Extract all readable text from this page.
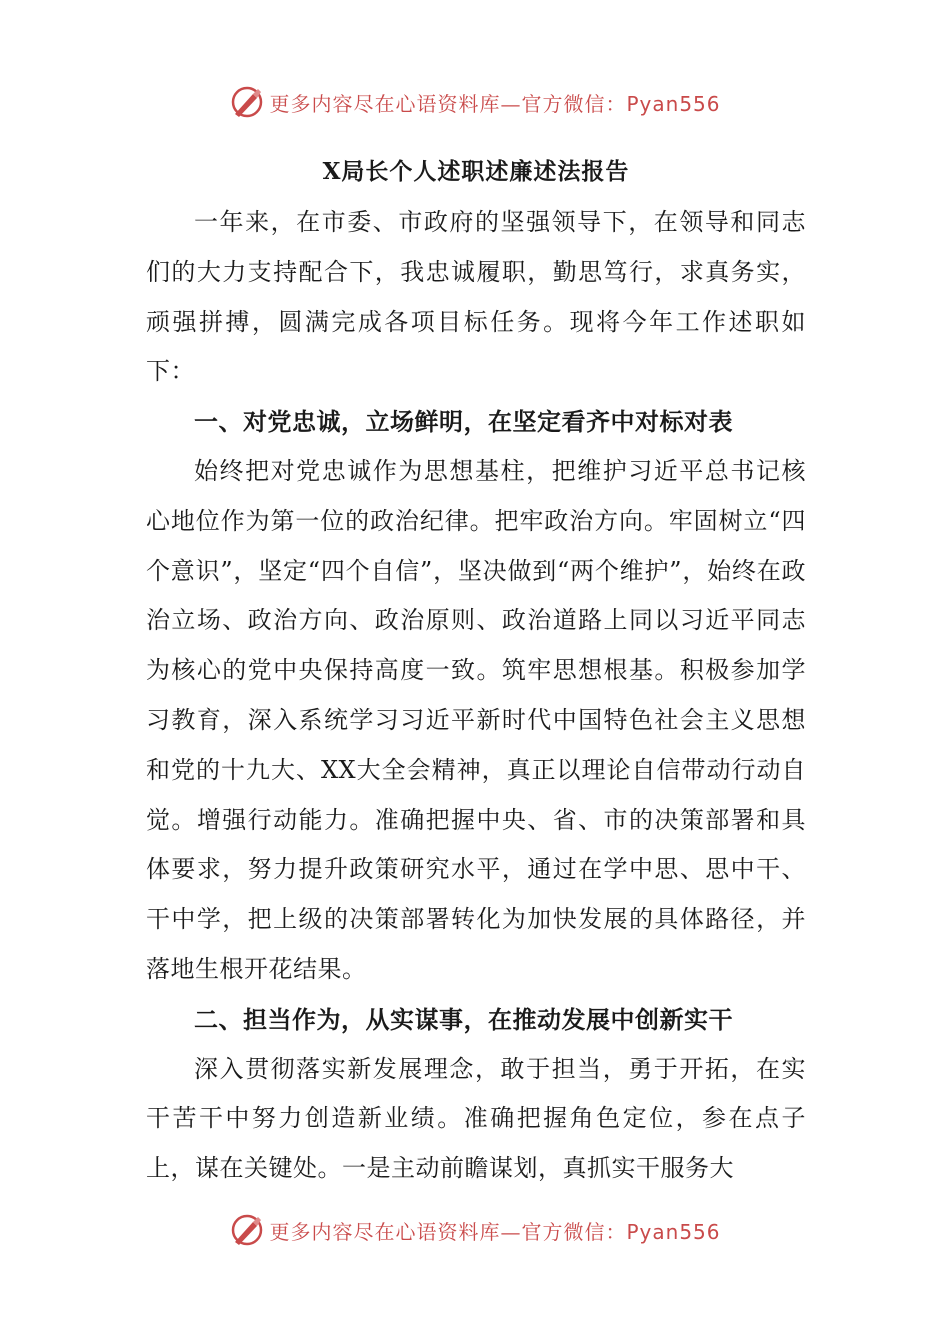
更多内容尽在心语资料库—官方微信：Pyan556
X局长个人述职述廉述法报告

一年来，在市委、市政府的坚强领导下，在领导和同志们的大力支持配合下，我忠诚履职，勤思笃行，求真务实，顽强拼搏，圆满完成各项目标任务。现将今年工作述职如下：

一、对党忠诚，立场鲜明，在坚定看齐中对标对表

始终把对党忠诚作为思想基柱，把维护习近平总书记核心地位作为第一位的政治纪律。把牢政治方向。牢固树立“四个意识”，坚定“四个自信”，坚决做到“两个维护”，始终在政治立场、政治方向、政治原则、政治道路上同以习近平同志为核心的党中央保持高度一致。筑牢思想根基。积极参加学习教育，深入系统学习习近平新时代中国特色社会主义思想和党的十九大、XX大全会精神，真正以理论自信带动行动自觉。增强行动能力。准确把握中央、省、市的决策部署和具体要求，努力提升政策研究水平，通过在学中思、思中干、干中学，把上级的决策部署转化为加快发展的具体路径，并落地生根开花结果。

二、担当作为，从实谋事，在推动发展中创新实干

深入贯彻落实新发展理念，敢于担当，勇于开拓，在实干苦干中努力创造新业绩。准确把握角色定位，参在点子上，谋在关键处。一是主动前瞻谋划，真抓实干服务大

更多内容尽在心语资料库—官方微信：Pyan556
